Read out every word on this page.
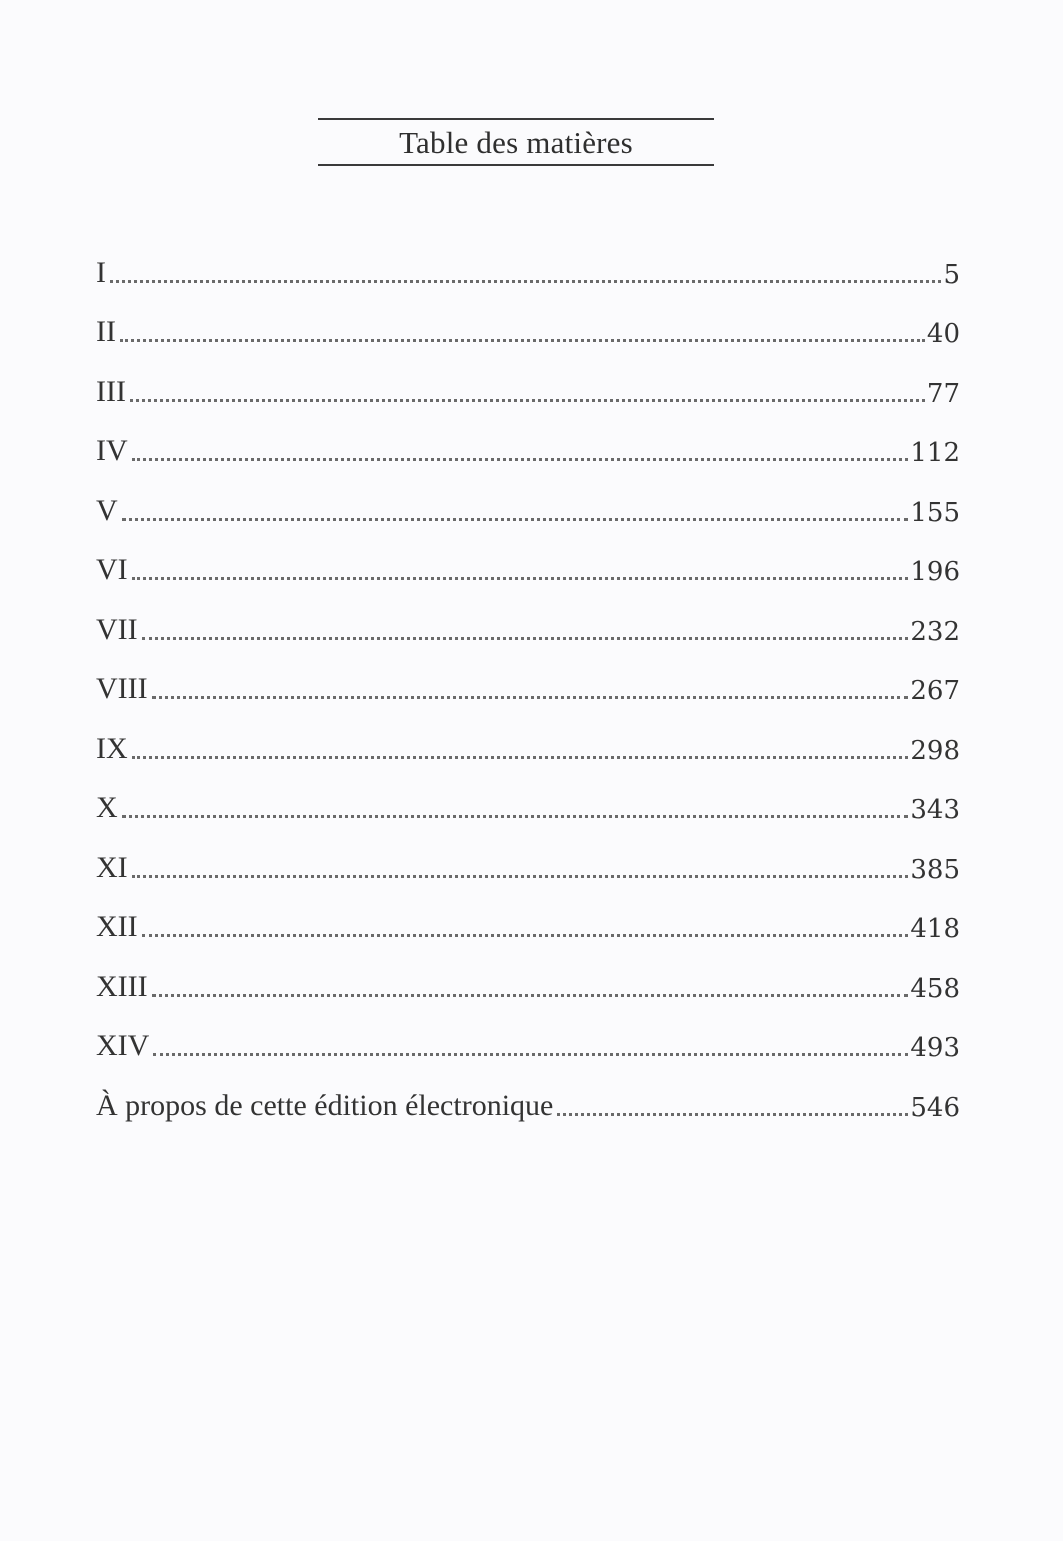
Table des matières
I	5
II	40
III	77
IV	112
V	155
VI	196
VII	232
VIII	267
IX	298
X	343
XI	385
XII	418
XIII	458
XIV	493
À propos de cette édition électronique	546
